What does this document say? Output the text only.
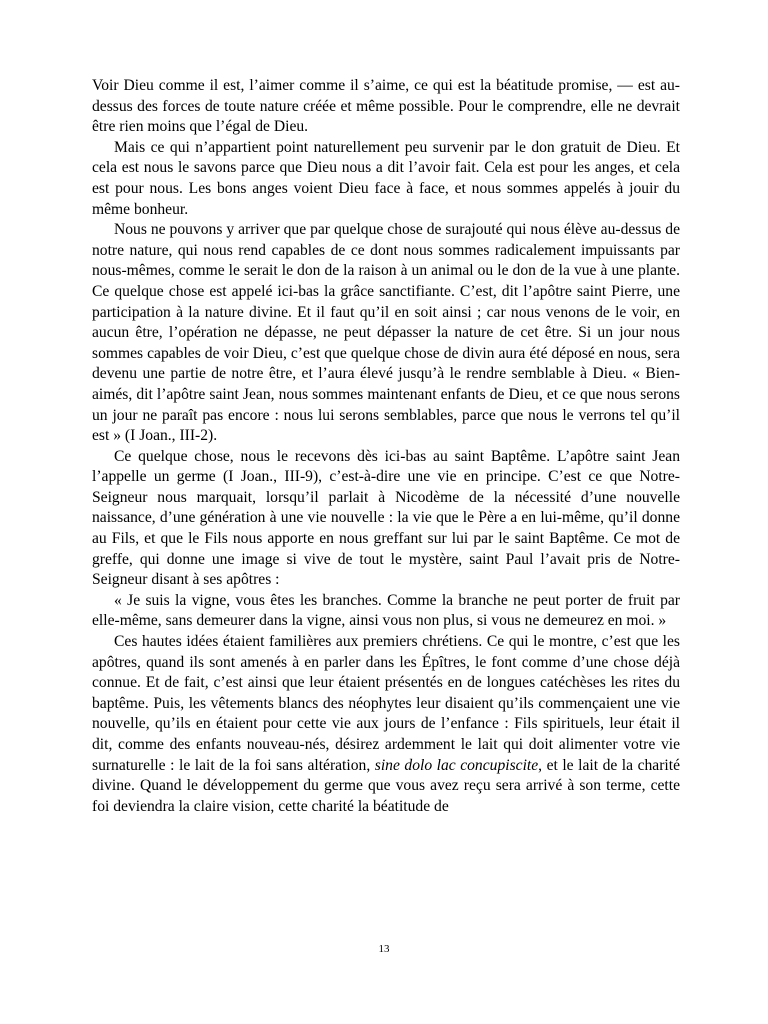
Voir Dieu comme il est, l’aimer comme il s’aime, ce qui est la béatitude promise, — est au-dessus des forces de toute nature créée et même possible. Pour le comprendre, elle ne devrait être rien moins que l’égal de Dieu.

Mais ce qui n’appartient point naturellement peu survenir par le don gratuit de Dieu. Et cela est nous le savons parce que Dieu nous a dit l’avoir fait. Cela est pour les anges, et cela est pour nous. Les bons anges voient Dieu face à face, et nous sommes appelés à jouir du même bonheur.

Nous ne pouvons y arriver que par quelque chose de surajouté qui nous élève au-dessus de notre nature, qui nous rend capables de ce dont nous sommes radicalement impuissants par nous-mêmes, comme le serait le don de la raison à un animal ou le don de la vue à une plante. Ce quelque chose est appelé ici-bas la grâce sanctifiante. C’est, dit l’apôtre saint Pierre, une participation à la nature divine. Et il faut qu’il en soit ainsi ; car nous venons de le voir, en aucun être, l’opération ne dépasse, ne peut dépasser la nature de cet être. Si un jour nous sommes capables de voir Dieu, c’est que quelque chose de divin aura été déposé en nous, sera devenu une partie de notre être, et l’aura élevé jusqu’à le rendre semblable à Dieu. « Bien-aimés, dit l’apôtre saint Jean, nous sommes maintenant enfants de Dieu, et ce que nous serons un jour ne paraît pas encore : nous lui serons semblables, parce que nous le verrons tel qu’il est » (I Joan., III-2).

Ce quelque chose, nous le recevons dès ici-bas au saint Baptême. L’apôtre saint Jean l’appelle un germe (I Joan., III-9), c’est-à-dire une vie en principe. C’est ce que Notre-Seigneur nous marquait, lorsqu’il parlait à Nicodème de la nécessité d’une nouvelle naissance, d’une génération à une vie nouvelle : la vie que le Père a en lui-même, qu’il donne au Fils, et que le Fils nous apporte en nous greffant sur lui par le saint Baptême. Ce mot de greffe, qui donne une image si vive de tout le mystère, saint Paul l’avait pris de Notre-Seigneur disant à ses apôtres :

« Je suis la vigne, vous êtes les branches. Comme la branche ne peut porter de fruit par elle-même, sans demeurer dans la vigne, ainsi vous non plus, si vous ne demeurez en moi. »

Ces hautes idées étaient familières aux premiers chrétiens. Ce qui le montre, c’est que les apôtres, quand ils sont amenés à en parler dans les Épîtres, le font comme d’une chose déjà connue. Et de fait, c’est ainsi que leur étaient présentés en de longues catéchèses les rites du baptême. Puis, les vêtements blancs des néophytes leur disaient qu’ils commençaient une vie nouvelle, qu’ils en étaient pour cette vie aux jours de l’enfance : Fils spirituels, leur était il dit, comme des enfants nouveau-nés, désirez ardemment le lait qui doit alimenter votre vie surnaturelle : le lait de la foi sans altération, sine dolo lac concupiscite, et le lait de la charité divine. Quand le développement du germe que vous avez reçu sera arrivé à son terme, cette foi deviendra la claire vision, cette charité la béatitude de

13
